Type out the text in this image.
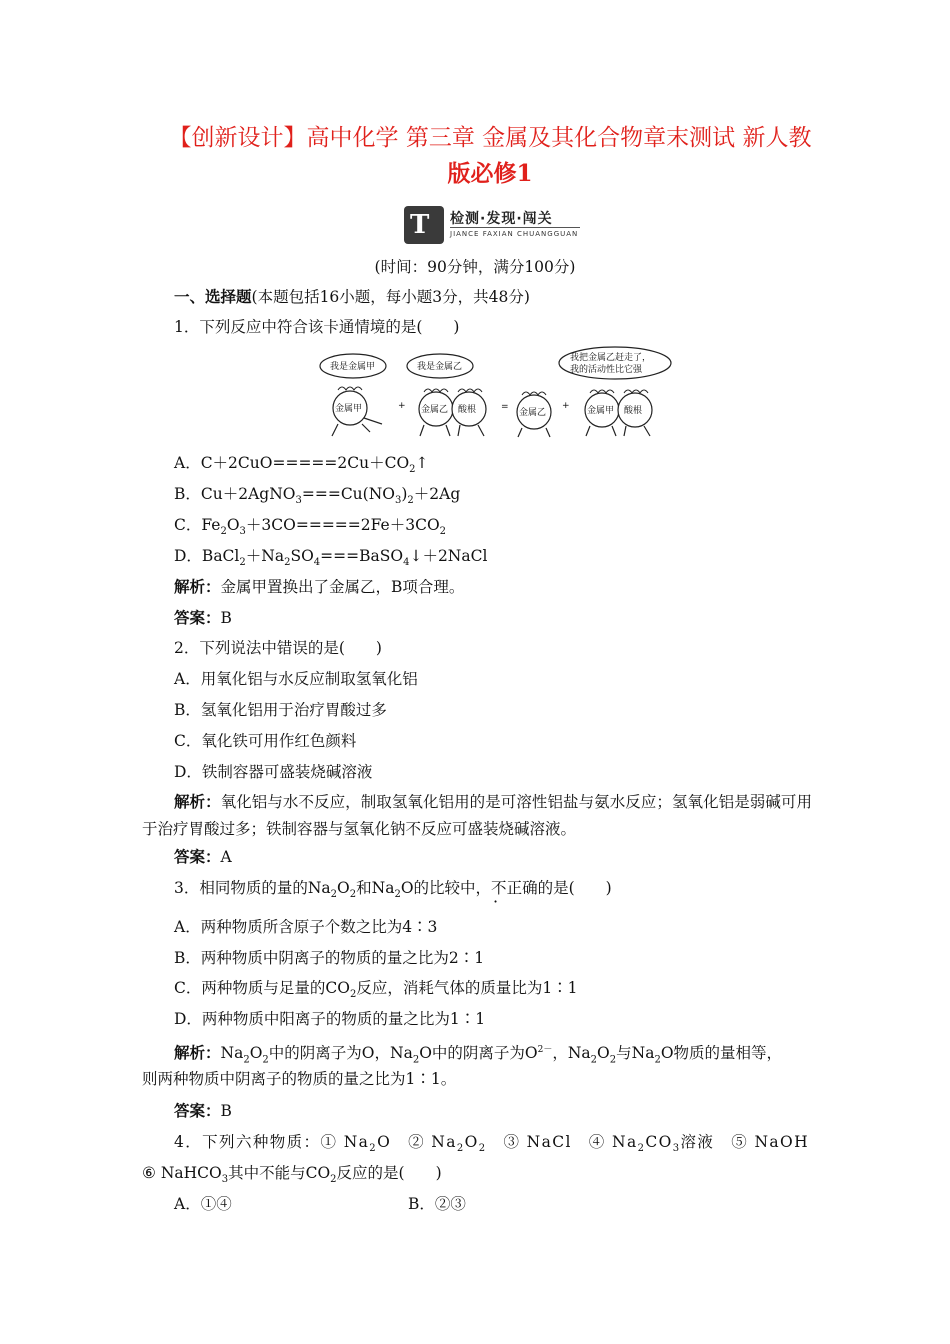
【创新设计】高中化学 第三章 金属及其化合物章末测试 新人教
版必修1
T 检测·发现·闯关
JIANCE FAXIAN CHUANGGUAN
(时间：90分钟，满分100分)
一、选择题(本题包括16小题，每小题3分，共48分)
1．下列反应中符合该卡通情境的是(　　)
我是金属甲	我是金属乙
我把金属乙赶走了，
我的活动性比它强
金属甲	+ 金属乙 酸根	=
金属乙
+ 金属甲 酸根
A．$C+2CuO=====2Cu+CO_2↑$
B．$Cu+2AgNO_3===Cu(NO_3)_2+2Ag$
C．$Fe_2O_3+3CO=====2Fe+3CO_2$
D．$BaCl_2+Na_2SO_4===BaSO_4↓+2NaCl$
解析：金属甲置换出了金属乙，B项合理。
答案：B
2．下列说法中错误的是(　　)
A．用氧化铝与水反应制取氢氧化铝
B．氢氧化铝用于治疗胃酸过多
C．氧化铁可用作红色颜料
D．铁制容器可盛装烧碱溶液
解析：氧化铝与水不反应，制取氢氧化铝用的是可溶性铝盐与氨水反应；氢氧化铝是弱碱可用于治疗胃酸过多；铁制容器与氢氧化钠不反应可盛装烧碱溶液。
答案：A
3．相同物质的量的$Na_2O_2$和$Na_2O$的比较中，不正确的是(　　)
A．两种物质所含原子个数之比为4∶3
B．两种物质中阴离子的物质的量之比为2∶1
C．两种物质与足量的$CO_2$反应，消耗气体的质量比为1∶1
D．两种物质中阳离子的物质的量之比为1∶1
解析：$Na_2O_2$中的阴离子为O，$Na_2O$中的阴离子为$O^{2-}$，$Na_2O_2$与$Na_2O$物质的量相等，
则两种物质中阴离子的物质的量之比为1∶1。
答案：B
4．下列六种物质：① $Na_2O$　② $Na_2O_2$　③ NaCl　④ $Na_2CO_3$溶液　⑤ NaOH
⑥ NaHCO$_3$其中不能与$CO_2$反应的是(　　)
A．①④	B．②③
